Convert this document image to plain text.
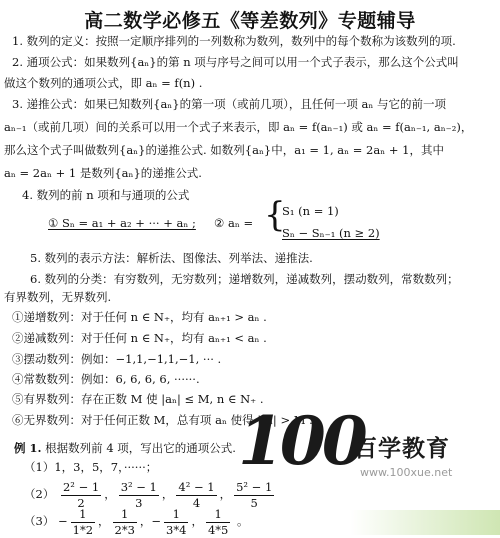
高二数学必修五《等差数列》专题辅导
1. 数列的定义：按照一定顺序排列的一列数称为数列，数列中的每个数称为该数列的项.
2. 通项公式：如果数列{aₙ}的第 n 项与序号之间可以用一个式子表示，那么这个公式叫
做这个数列的通项公式，即 aₙ = f(n) .
3. 递推公式：如果已知数列{aₙ}的第一项（或前几项），且任何一项 aₙ 与它的前一项
aₙ₋₁（或前几项）间的关系可以用一个式子来表示，即 aₙ = f(aₙ₋₁) 或 aₙ = f(aₙ₋₁, aₙ₋₂)，
那么这个式子叫做数列{aₙ}的递推公式. 如数列{aₙ}中，a₁ = 1, aₙ = 2aₙ + 1，其中
aₙ = 2aₙ + 1 是数列{aₙ}的递推公式.
4. 数列的前 n 项和与通项的公式
① Sₙ = a₁ + a₂ + ··· + aₙ ; ② aₙ = {
S₁ (n = 1)
Sₙ − Sₙ₋₁ (n ≥ 2)
5. 数列的表示方法：解析法、图像法、列举法、递推法.
6. 数列的分类：有穷数列，无穷数列；递增数列，递减数列，摆动数列，常数数列；
有界数列，无界数列.
①递增数列：对于任何 n ∈ N₊，均有 aₙ₊₁ > aₙ .
②递减数列：对于任何 n ∈ N₊，均有 aₙ₊₁ < aₙ .
③摆动数列：例如：−1,1,−1,1,−1, ··· .
④常数数列：例如：6, 6, 6, 6, ······.
⑤有界数列：存在正数 M 使 |aₙ| ≤ M, n ∈ N₊ .
⑥无界数列：对于任何正数 M，总有项 aₙ 使得 |aₙ| > M .
例 1. 根据数列前 4 项，写出它的通项公式.
（1）1，3，5，7，······；
$(2) \frac{\text{2² − 1}}{2}$ ， $\frac{\text{3² − 1}}{3}$ ， $\frac{\text{4² − 1}}{4}$ ， $\frac{\text{5² − 1}}{5}$
$(3) - \frac{1}{1*2}$ ， $\frac{1}{2*3}$ ，− $\frac{1}{3*4}$ ， $\frac{1}{4*5}$ 。
100
百学教育
www.100xue.net
